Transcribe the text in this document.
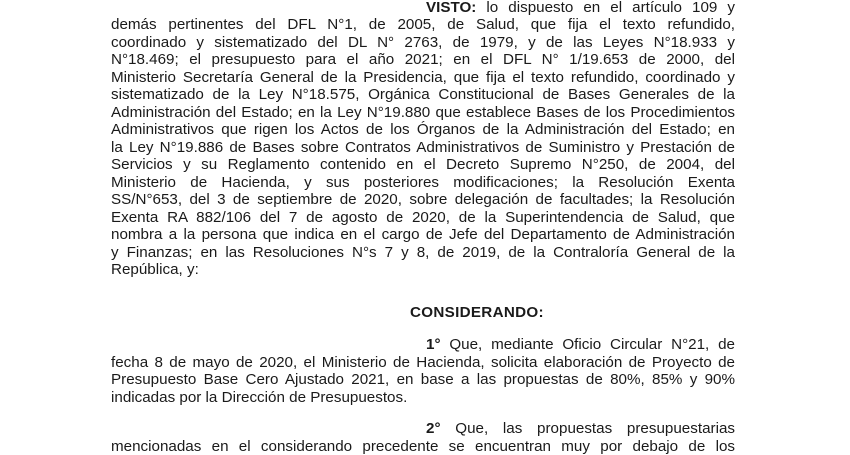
VISTO: lo dispuesto en el artículo 109 y
demás pertinentes del DFL N°1, de 2005, de Salud, que fija el texto refundido,
coordinado y sistematizado del DL N° 2763, de 1979, y de las Leyes N°18.933 y
N°18.469; el presupuesto para el año 2021; en el DFL N° 1/19.653 de 2000, del
Ministerio Secretaría General de la Presidencia, que fija el texto refundido, coordinado y
sistematizado de la Ley N°18.575, Orgánica Constitucional de Bases Generales de la
Administración del Estado; en la Ley N°19.880 que establece Bases de los Procedimientos
Administrativos que rigen los Actos de los Órganos de la Administración del Estado; en
la Ley N°19.886 de Bases sobre Contratos Administrativos de Suministro y Prestación de
Servicios y su Reglamento contenido en el Decreto Supremo N°250, de 2004, del
Ministerio de Hacienda, y sus posteriores modificaciones; la Resolución Exenta
SS/N°653, del 3 de septiembre de 2020, sobre delegación de facultades; la Resolución
Exenta RA 882/106 del 7 de agosto de 2020, de la Superintendencia de Salud, que
nombra a la persona que indica en el cargo de Jefe del Departamento de Administración
y Finanzas; en las Resoluciones N°s 7 y 8, de 2019, de la Contraloría General de la
República, y:
CONSIDERANDO:
1° Que, mediante Oficio Circular N°21, de
fecha 8 de mayo de 2020, el Ministerio de Hacienda, solicita elaboración de Proyecto de
Presupuesto Base Cero Ajustado 2021, en base a las propuestas de 80%, 85% y 90%
indicadas por la Dirección de Presupuestos.
2° Que, las propuestas presupuestarias
mencionadas en el considerando precedente se encuentran muy por debajo de los
